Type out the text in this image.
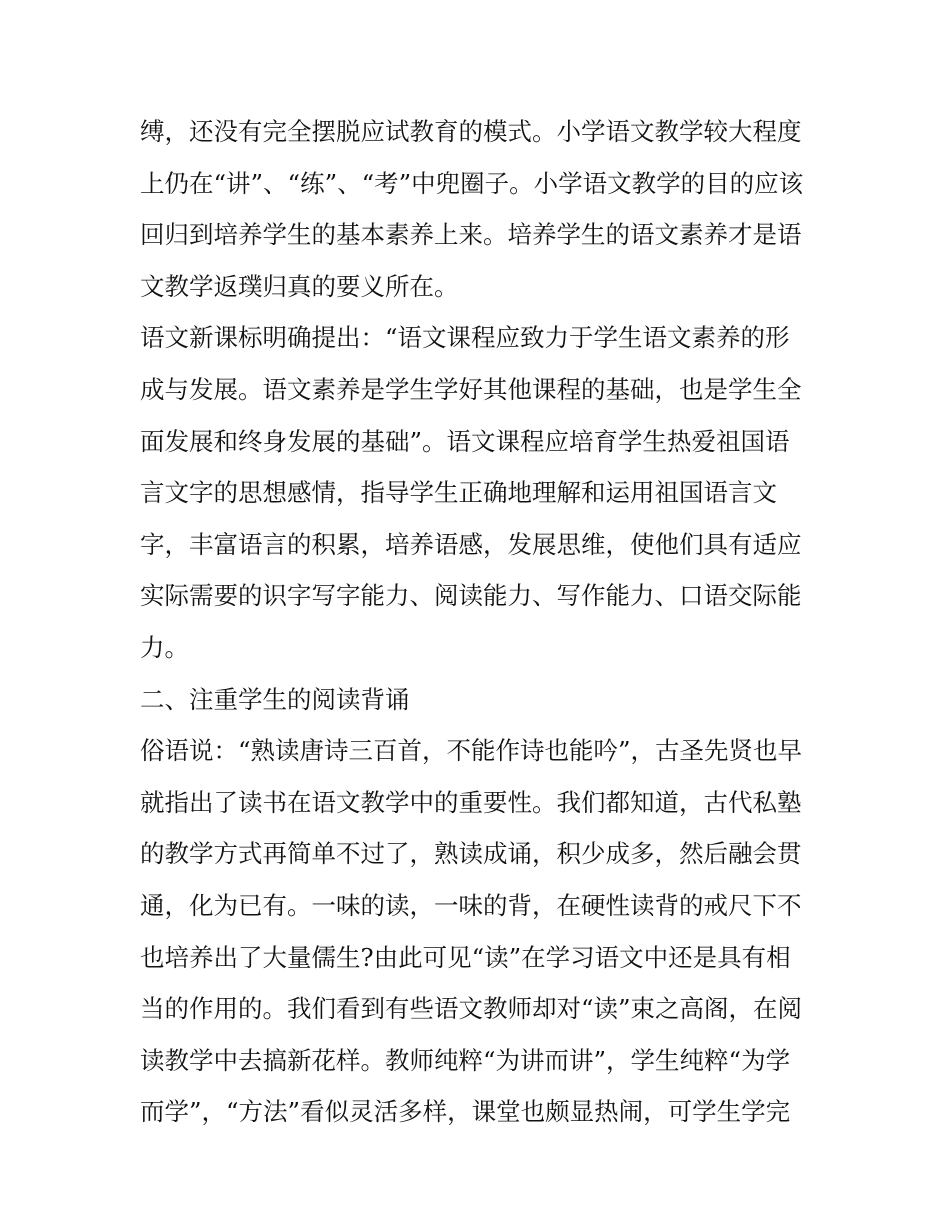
缚，还没有完全摆脱应试教育的模式。小学语文教学较大程度
上仍在“讲”、“练”、“考”中兜圈子。小学语文教学的目的应该
回归到培养学生的基本素养上来。培养学生的语文素养才是语
文教学返璞归真的要义所在。
语文新课标明确提出：“语文课程应致力于学生语文素养的形
成与发展。语文素养是学生学好其他课程的基础，也是学生全
面发展和终身发展的基础”。语文课程应培育学生热爱祖国语
言文字的思想感情，指导学生正确地理解和运用祖国语言文
字，丰富语言的积累，培养语感，发展思维，使他们具有适应
实际需要的识字写字能力、阅读能力、写作能力、口语交际能
力。
二、注重学生的阅读背诵
俗语说：“熟读唐诗三百首，不能作诗也能吟”，古圣先贤也早
就指出了读书在语文教学中的重要性。我们都知道，古代私塾
的教学方式再简单不过了，熟读成诵，积少成多，然后融会贯
通，化为已有。一味的读，一味的背，在硬性读背的戒尺下不
也培养出了大量儒生?由此可见“读”在学习语文中还是具有相
当的作用的。我们看到有些语文教师却对“读”束之高阁，在阅
读教学中去搞新花样。教师纯粹“为讲而讲”，学生纯粹“为学
而学”，“方法”看似灵活多样，课堂也颇显热闹，可学生学完
